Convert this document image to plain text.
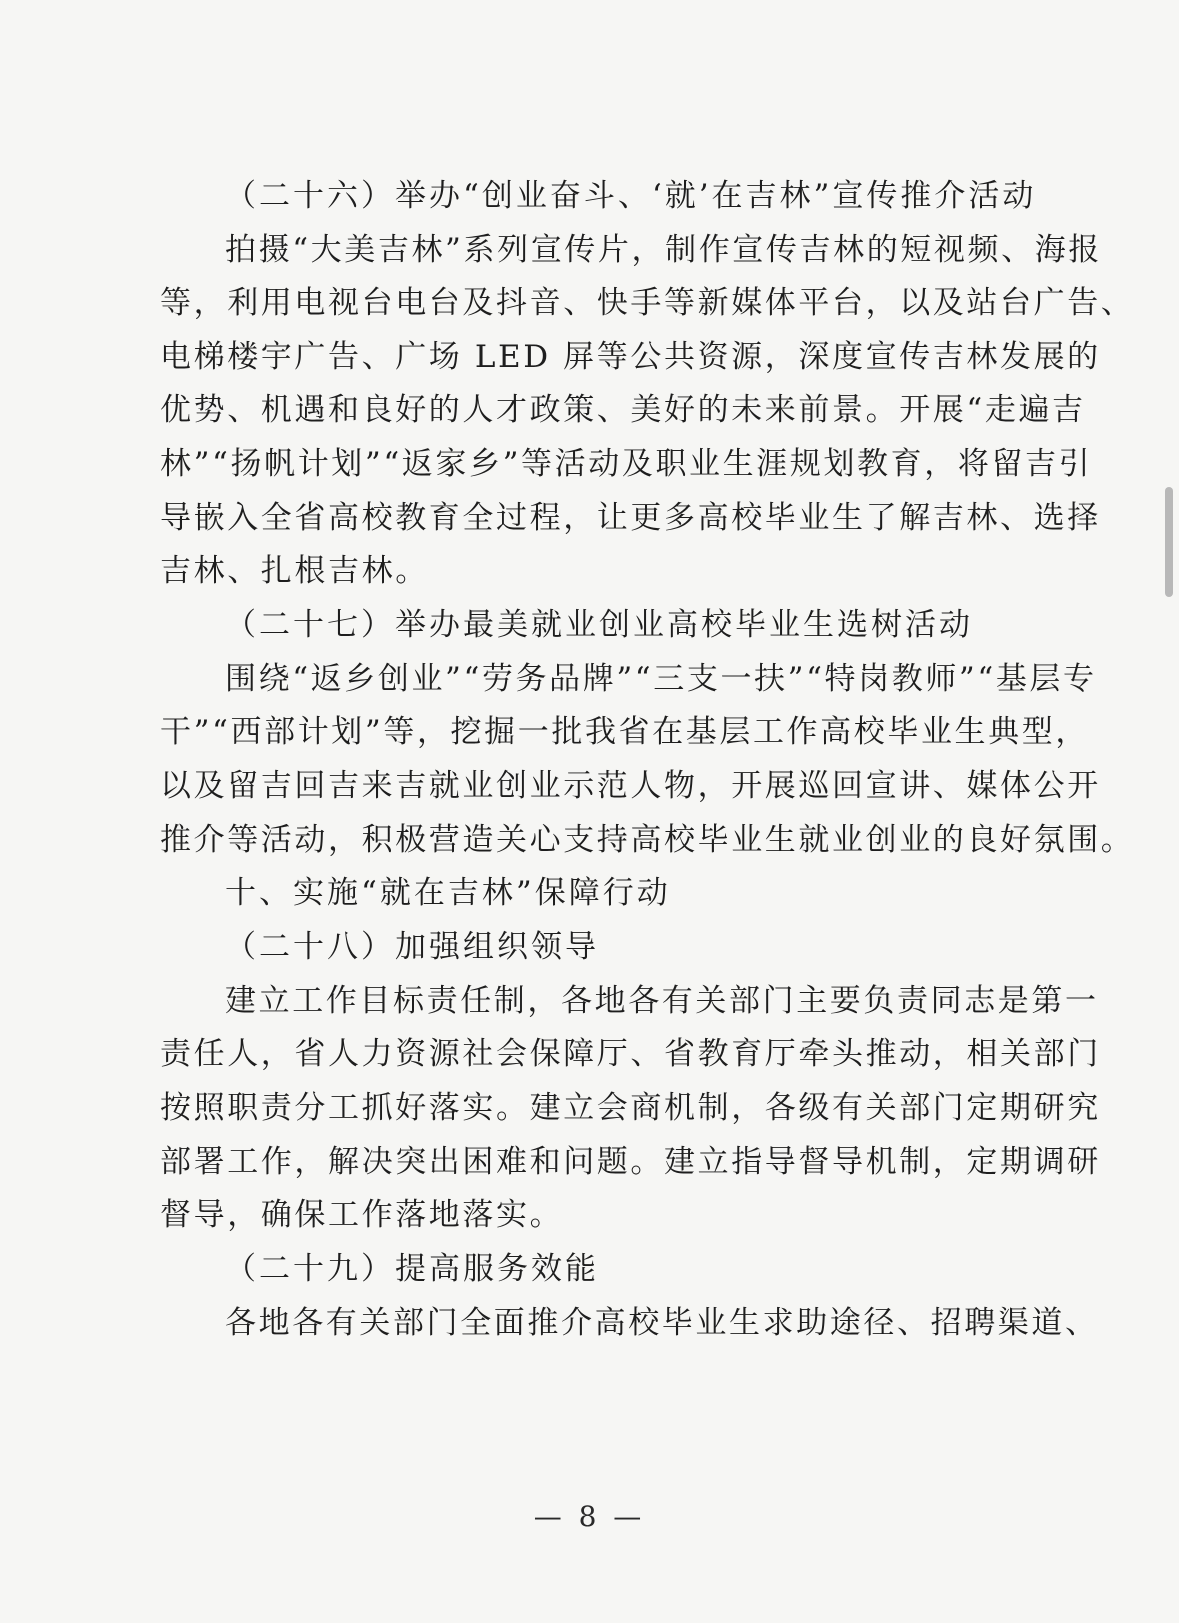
（二十六）举办“创业奋斗、‘就’在吉林”宣传推介活动
拍摄“大美吉林”系列宣传片，制作宣传吉林的短视频、海报
等，利用电视台电台及抖音、快手等新媒体平台，以及站台广告、
电梯楼宇广告、广场 LED 屏等公共资源，深度宣传吉林发展的
优势、机遇和良好的人才政策、美好的未来前景。开展“走遍吉
林”“扬帆计划”“返家乡”等活动及职业生涯规划教育，将留吉引
导嵌入全省高校教育全过程，让更多高校毕业生了解吉林、选择
吉林、扎根吉林。
（二十七）举办最美就业创业高校毕业生选树活动
围绕“返乡创业”“劳务品牌”“三支一扶”“特岗教师”“基层专
干”“西部计划”等，挖掘一批我省在基层工作高校毕业生典型，
以及留吉回吉来吉就业创业示范人物，开展巡回宣讲、媒体公开
推介等活动，积极营造关心支持高校毕业生就业创业的良好氛围。
十、实施“就在吉林”保障行动
（二十八）加强组织领导
建立工作目标责任制，各地各有关部门主要负责同志是第一
责任人，省人力资源社会保障厅、省教育厅牵头推动，相关部门
按照职责分工抓好落实。建立会商机制，各级有关部门定期研究
部署工作，解决突出困难和问题。建立指导督导机制，定期调研
督导，确保工作落地落实。
（二十九）提高服务效能
各地各有关部门全面推介高校毕业生求助途径、招聘渠道、
— 8 —
